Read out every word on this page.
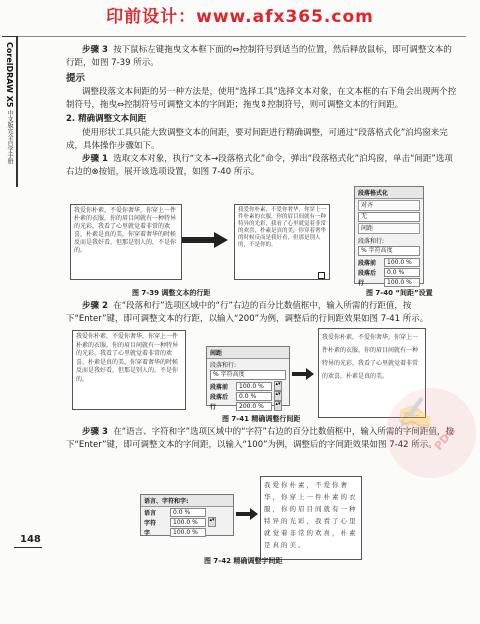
印前设计：www.afx365.com
CorelDRAW X5 中文版完全自学手册

步骤 3 按下鼠标左键拖曳文本框下面的⇔控制符号到适当的位置，然后释放鼠标，即可调整文本的行距，如图 7-39 所示。

提示

调整段落文本间距的另一种方法是，使用“选择工具”选择文本对象，在文本框的右下角会出现两个控制符号，拖曳⇔控制符号可调整文本的字间距；拖曳⇕控制符号，则可调整文本的行间距。

2. 精确调整文本间距

使用形状工具只能大致调整文本的间距，要对间距进行精确调整，可通过“段落格式化”泊坞窗来完成，具体操作步骤如下。

步骤 1 选取文本对象，执行“文本→段落格式化”命令，弹出“段落格式化”泊坞窗，单击“间距”选项右边的⊗按钮，展开该选项设置，如图 7-40 所示。

我爱你朴素，不爱你奢华，你穿上一件朴素的衣服，你的眉目间就有一种特异的光彩，我看了心里就觉着非常的欢喜，朴素是真的美，你穿着奢华的时候反而是我好看，但那是别人的，不是你的。
我爱你朴素，不爱你奢华，你穿上一件朴素的衣服，你的眉目间就有一种特异的光彩，我看了心里就觉着非常的欢喜，朴素是真的美，你穿着奢华的时候反而是我好看，但那是别人的，不是你的。
图 7-39 调整文本的行距
段落格式化
对齐
无
间距
段落和行:
% 字符高度
段落前	100.0 %
段落后	0.0 %
行	100.0 %
图 7-40 “间距”设置

步骤 2 在“段落和行”选项区域中的“行”右边的百分比数值框中，输入所需的行距值，按下“Enter”键，即可调整文本的行距，以输入“200”为例，调整后的行间距效果如图 7-41 所示。

我爱你朴素，不爱你奢华，你穿上一件朴素的衣服，你的眉目间就有一种特异的光彩，我看了心里就觉着非常的欢喜，朴素是真的美，你穿着奢华的时候反而是我好看，但那是别人的，不是你的。
间距
段落和行:
% 字符高度
段落前	100.0 %	▴▾
段落后	0.0 %	▴▾
行	200.0 %	▴▾
我爱你朴素，不爱你奢华，你穿上一件朴素的衣服，你的眉目间就有一种特异的光彩，我看了心里就觉着非常的欢喜，朴素是真的美。
图 7-41 精确调整行间距

步骤 3 在“语言、字符和字”选项区域中的“字符”右边的百分比数值框中，输入所需的字间距值，按下“Enter”键，即可调整文本的字间距，以输入“100”为例，调整后的字间距效果如图 7-42 所示。

语言、字符和字:
语言	0.0 %
字符	100.0 %	▴▾
字	100.0 %
我爱你朴素，不爱你奢华，你穿上一件朴素的衣服，你的眉目间就有一种特异的光彩，我看了心里就觉着非常的欢喜，朴素是真的美。
图 7-42 精确调整字间距
148
✍
PDG
